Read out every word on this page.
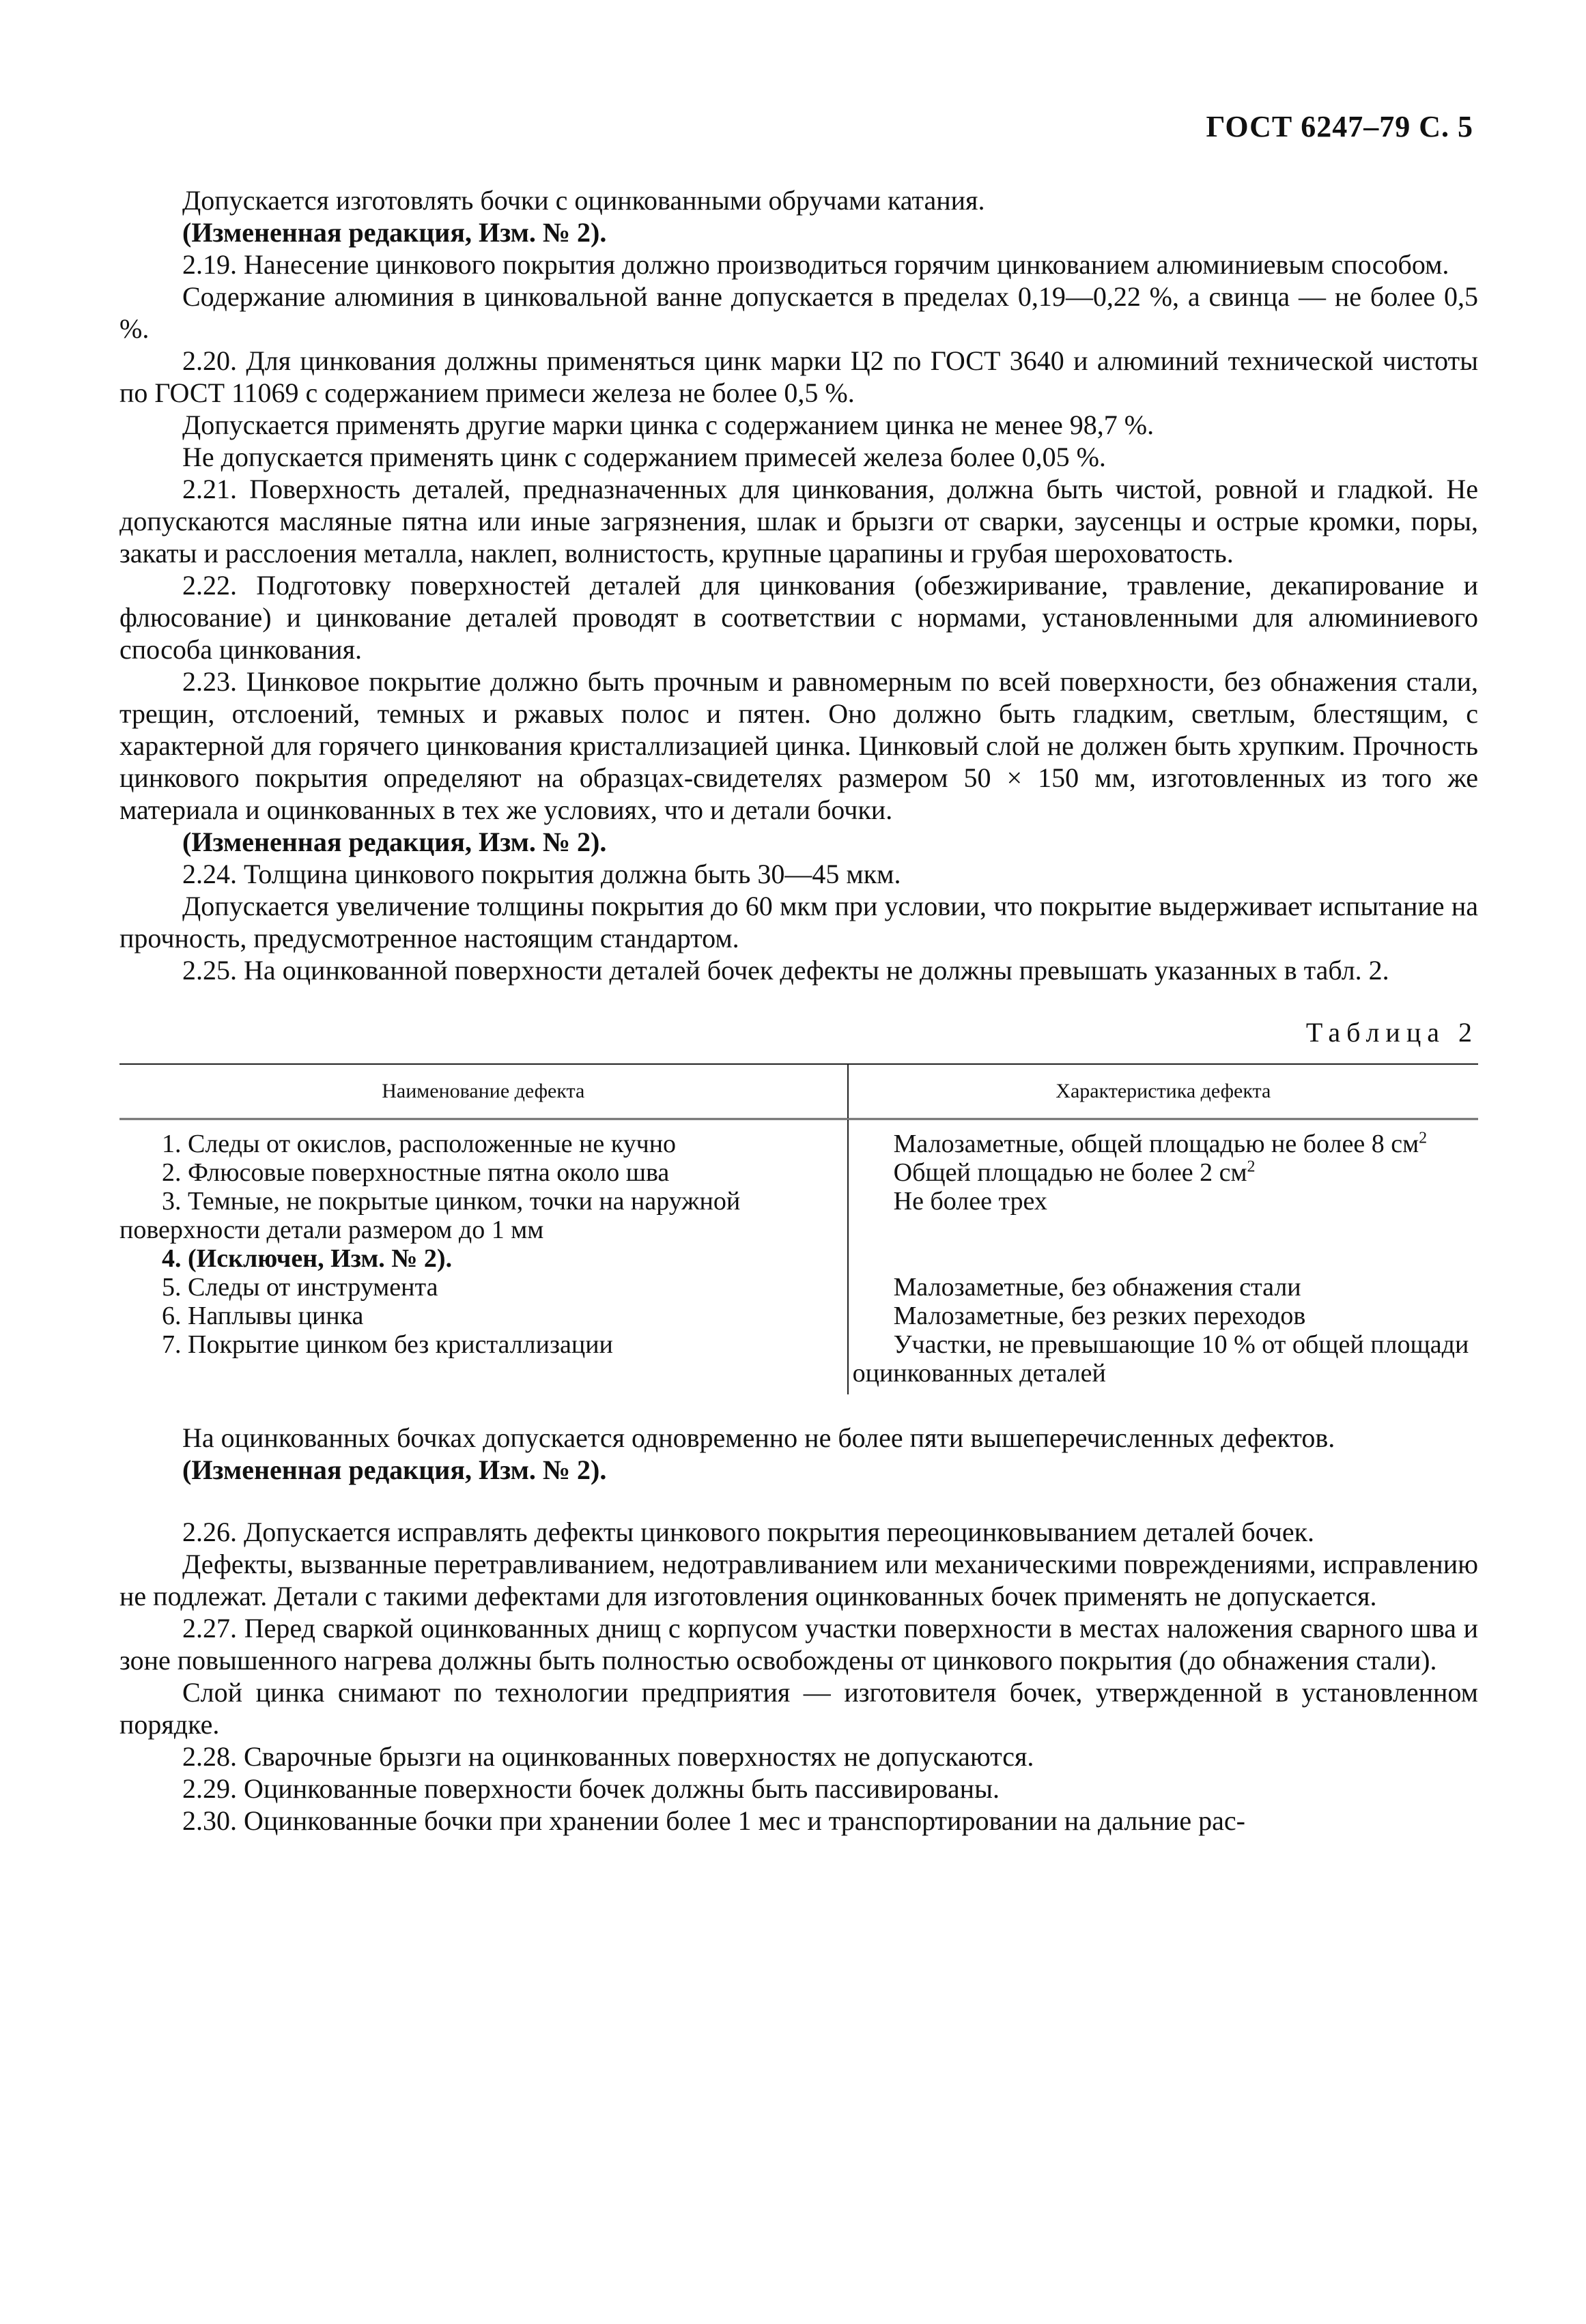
ГОСТ 6247–79 С. 5

Допускается изготовлять бочки с оцинкованными обручами катания.

(Измененная редакция, Изм. № 2).

2.19. Нанесение цинкового покрытия должно производиться горячим цинкованием алюминиевым способом.

Содержание алюминия в цинковальной ванне допускается в пределах 0,19—0,22 %, а свинца — не более 0,5 %.

2.20. Для цинкования должны применяться цинк марки Ц2 по ГОСТ 3640 и алюминий технической чистоты по ГОСТ 11069 с содержанием примеси железа не более 0,5 %.

Допускается применять другие марки цинка с содержанием цинка не менее 98,7 %.

Не допускается применять цинк с содержанием примесей железа более 0,05 %.

2.21. Поверхность деталей, предназначенных для цинкования, должна быть чистой, ровной и гладкой. Не допускаются масляные пятна или иные загрязнения, шлак и брызги от сварки, заусенцы и острые кромки, поры, закаты и расслоения металла, наклеп, волнистость, крупные царапины и грубая шероховатость.

2.22. Подготовку поверхностей деталей для цинкования (обезжиривание, травление, декапирование и флюсование) и цинкование деталей проводят в соответствии с нормами, установленными для алюминиевого способа цинкования.

2.23. Цинковое покрытие должно быть прочным и равномерным по всей поверхности, без обнажения стали, трещин, отслоений, темных и ржавых полос и пятен. Оно должно быть гладким, светлым, блестящим, с характерной для горячего цинкования кристаллизацией цинка. Цинковый слой не должен быть хрупким. Прочность цинкового покрытия определяют на образцах-свидетелях размером 50 × 150 мм, изготовленных из того же материала и оцинкованных в тех же условиях, что и детали бочки.

(Измененная редакция, Изм. № 2).

2.24. Толщина цинкового покрытия должна быть 30—45 мкм.

Допускается увеличение толщины покрытия до 60 мкм при условии, что покрытие выдерживает испытание на прочность, предусмотренное настоящим стандартом.

2.25. На оцинкованной поверхности деталей бочек дефекты не должны превышать указанных в табл. 2.

Таблица 2
Наименование дефекта	Характеристика дефекта

1. Следы от окислов, расположенные не кучно	Малозаметные, общей площадью не более 8 $см^2$

2. Флюсовые поверхностные пятна около шва	Общей площадью не более 2 $см^2$

3. Темные, не покрытые цинком, точки на наружной поверхности детали размером до 1 мм	Не более трех

4. (Исключен, Изм. № 2).	

5. Следы от инструмента	Малозаметные, без обнажения стали

6. Наплывы цинка	Малозаметные, без резких переходов

7. Покрытие цинком без кристаллизации	Участки, не превышающие 10 % от общей площади оцинкованных деталей

На оцинкованных бочках допускается одновременно не более пяти вышеперечисленных дефектов.

(Измененная редакция, Изм. № 2).

2.26. Допускается исправлять дефекты цинкового покрытия переоцинковыванием деталей бочек.

Дефекты, вызванные перетравливанием, недотравливанием или механическими повреждениями, исправлению не подлежат. Детали с такими дефектами для изготовления оцинкованных бочек применять не допускается.

2.27. Перед сваркой оцинкованных днищ с корпусом участки поверхности в местах наложения сварного шва и зоне повышенного нагрева должны быть полностью освобождены от цинкового покрытия (до обнажения стали).

Слой цинка снимают по технологии предприятия — изготовителя бочек, утвержденной в установленном порядке.

2.28. Сварочные брызги на оцинкованных поверхностях не допускаются.

2.29. Оцинкованные поверхности бочек должны быть пассивированы.

2.30. Оцинкованные бочки при хранении более 1 мес и транспортировании на дальние рас-
